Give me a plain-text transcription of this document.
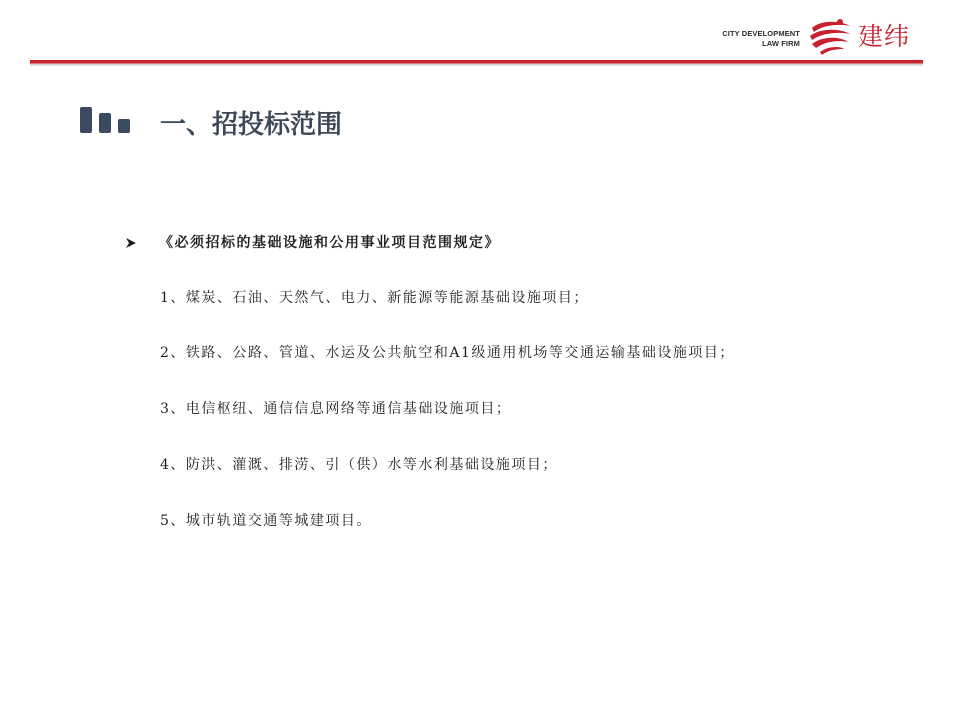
CITY DEVELOPMENT
LAW FIRM 建纬
一、招投标范围
《必须招标的基础设施和公用事业项目范围规定》
1、煤炭、石油、天然气、电力、新能源等能源基础设施项目；
2、铁路、公路、管道、水运及公共航空和A1级通用机场等交通运输基础设施项目；
3、电信枢纽、通信信息网络等通信基础设施项目；
4、防洪、灌溉、排涝、引（供）水等水利基础设施项目；
5、城市轨道交通等城建项目。
